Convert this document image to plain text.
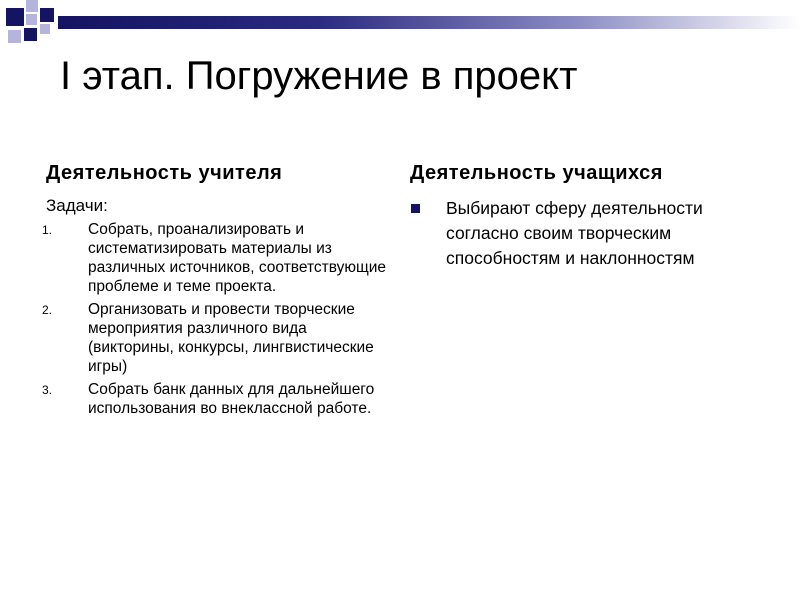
I этап. Погружение в проект
Деятельность учителя
Задачи:
1. Собрать, проанализировать и систематизировать материалы из различных источников, соответствующие проблеме и теме проекта.
2. Организовать и провести творческие мероприятия различного вида (викторины, конкурсы, лингвистические игры)
3. Собрать банк данных для дальнейшего использования во внеклассной работе.
Деятельность учащихся
Выбирают сферу деятельности согласно своим творческим способностям и наклонностям
